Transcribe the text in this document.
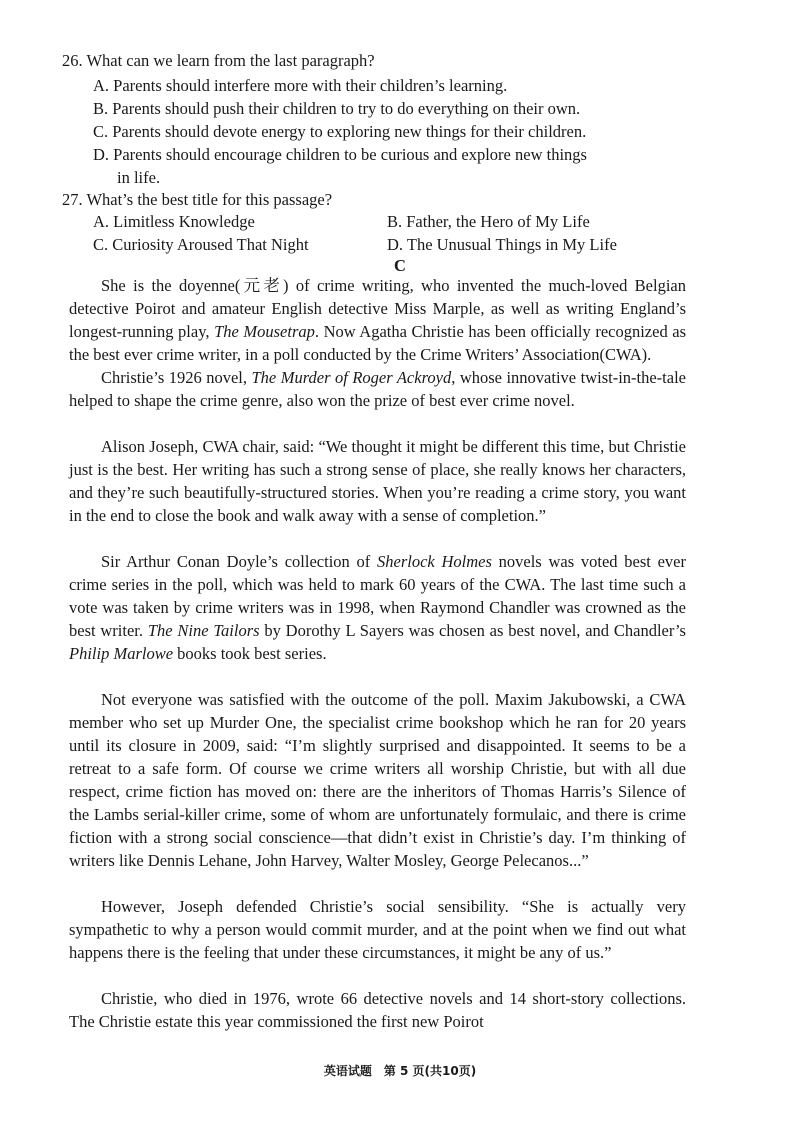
26. What can we learn from the last paragraph?
A. Parents should interfere more with their children’s learning.
B. Parents should push their children to try to do everything on their own.
C. Parents should devote energy to exploring new things for their children.
D. Parents should encourage children to be curious and explore new things
in life.
27. What’s the best title for this passage?
A. Limitless Knowledge	B. Father, the Hero of My Life
C. Curiosity Aroused That Night	D. The Unusual Things in My Life
C
She is the doyenne(元老) of crime writing, who invented the much-loved Belgian detective Poirot and amateur English detective Miss Marple, as well as writing England’s longest-running play, The Mousetrap. Now Agatha Christie has been officially recognized as the best ever crime writer, in a poll conducted by the Crime Writers’ Association(CWA).
Christie’s 1926 novel, The Murder of Roger Ackroyd, whose innovative twist-in-the-tale helped to shape the crime genre, also won the prize of best ever crime novel.
Alison Joseph, CWA chair, said: “We thought it might be different this time, but Christie just is the best. Her writing has such a strong sense of place, she really knows her characters, and they’re such beautifully-structured stories. When you’re reading a crime story, you want in the end to close the book and walk away with a sense of completion.”
Sir Arthur Conan Doyle’s collection of Sherlock Holmes novels was voted best ever crime series in the poll, which was held to mark 60 years of the CWA. The last time such a vote was taken by crime writers was in 1998, when Raymond Chandler was crowned as the best writer. The Nine Tailors by Dorothy L Sayers was chosen as best novel, and Chandler’s Philip Marlowe books took best series.
Not everyone was satisfied with the outcome of the poll. Maxim Jakubowski, a CWA member who set up Murder One, the specialist crime bookshop which he ran for 20 years until its closure in 2009, said: “I’m slightly surprised and disappointed. It seems to be a retreat to a safe form. Of course we crime writers all worship Christie, but with all due respect, crime fiction has moved on: there are the inheritors of Thomas Harris’s Silence of the Lambs serial-killer crime, some of whom are unfortunately formulaic, and there is crime fiction with a strong social conscience—that didn’t exist in Christie’s day. I’m thinking of writers like Dennis Lehane, John Harvey, Walter Mosley, George Pelecanos...”
However, Joseph defended Christie’s social sensibility. “She is actually very sympathetic to why a person would commit murder, and at the point when we find out what happens there is the feeling that under these circumstances, it might be any of us.”
Christie, who died in 1976, wrote 66 detective novels and 14 short-story collections. The Christie estate this year commissioned the first new Poirot
英语试题　第 5 页(共10页)
